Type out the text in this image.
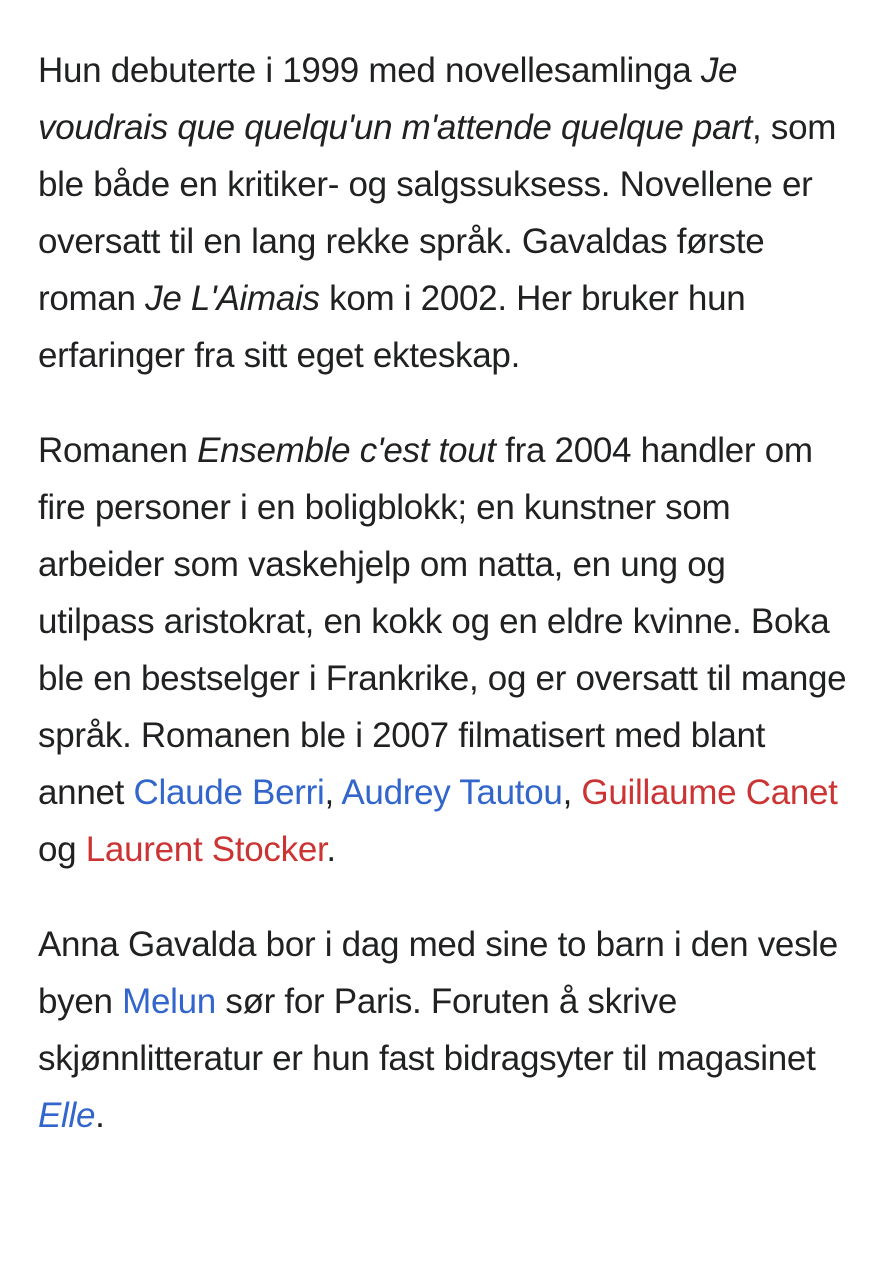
Hun debuterte i 1999 med novellesamlinga Je voudrais que quelqu'un m'attende quelque part, som ble både en kritiker- og salgssuksess. Novellene er oversatt til en lang rekke språk. Gavaldas første roman Je L'Aimais kom i 2002. Her bruker hun erfaringer fra sitt eget ekteskap.

Romanen Ensemble c'est tout fra 2004 handler om fire personer i en boligblokk; en kunstner som arbeider som vaskehjelp om natta, en ung og utilpass aristokrat, en kokk og en eldre kvinne. Boka ble en bestselger i Frankrike, og er oversatt til mange språk. Romanen ble i 2007 filmatisert med blant annet Claude Berri, Audrey Tautou, Guillaume Canet og Laurent Stocker.

Anna Gavalda bor i dag med sine to barn i den vesle byen Melun sør for Paris. Foruten å skrive skjønnlitteratur er hun fast bidragsyter til magasinet Elle.
